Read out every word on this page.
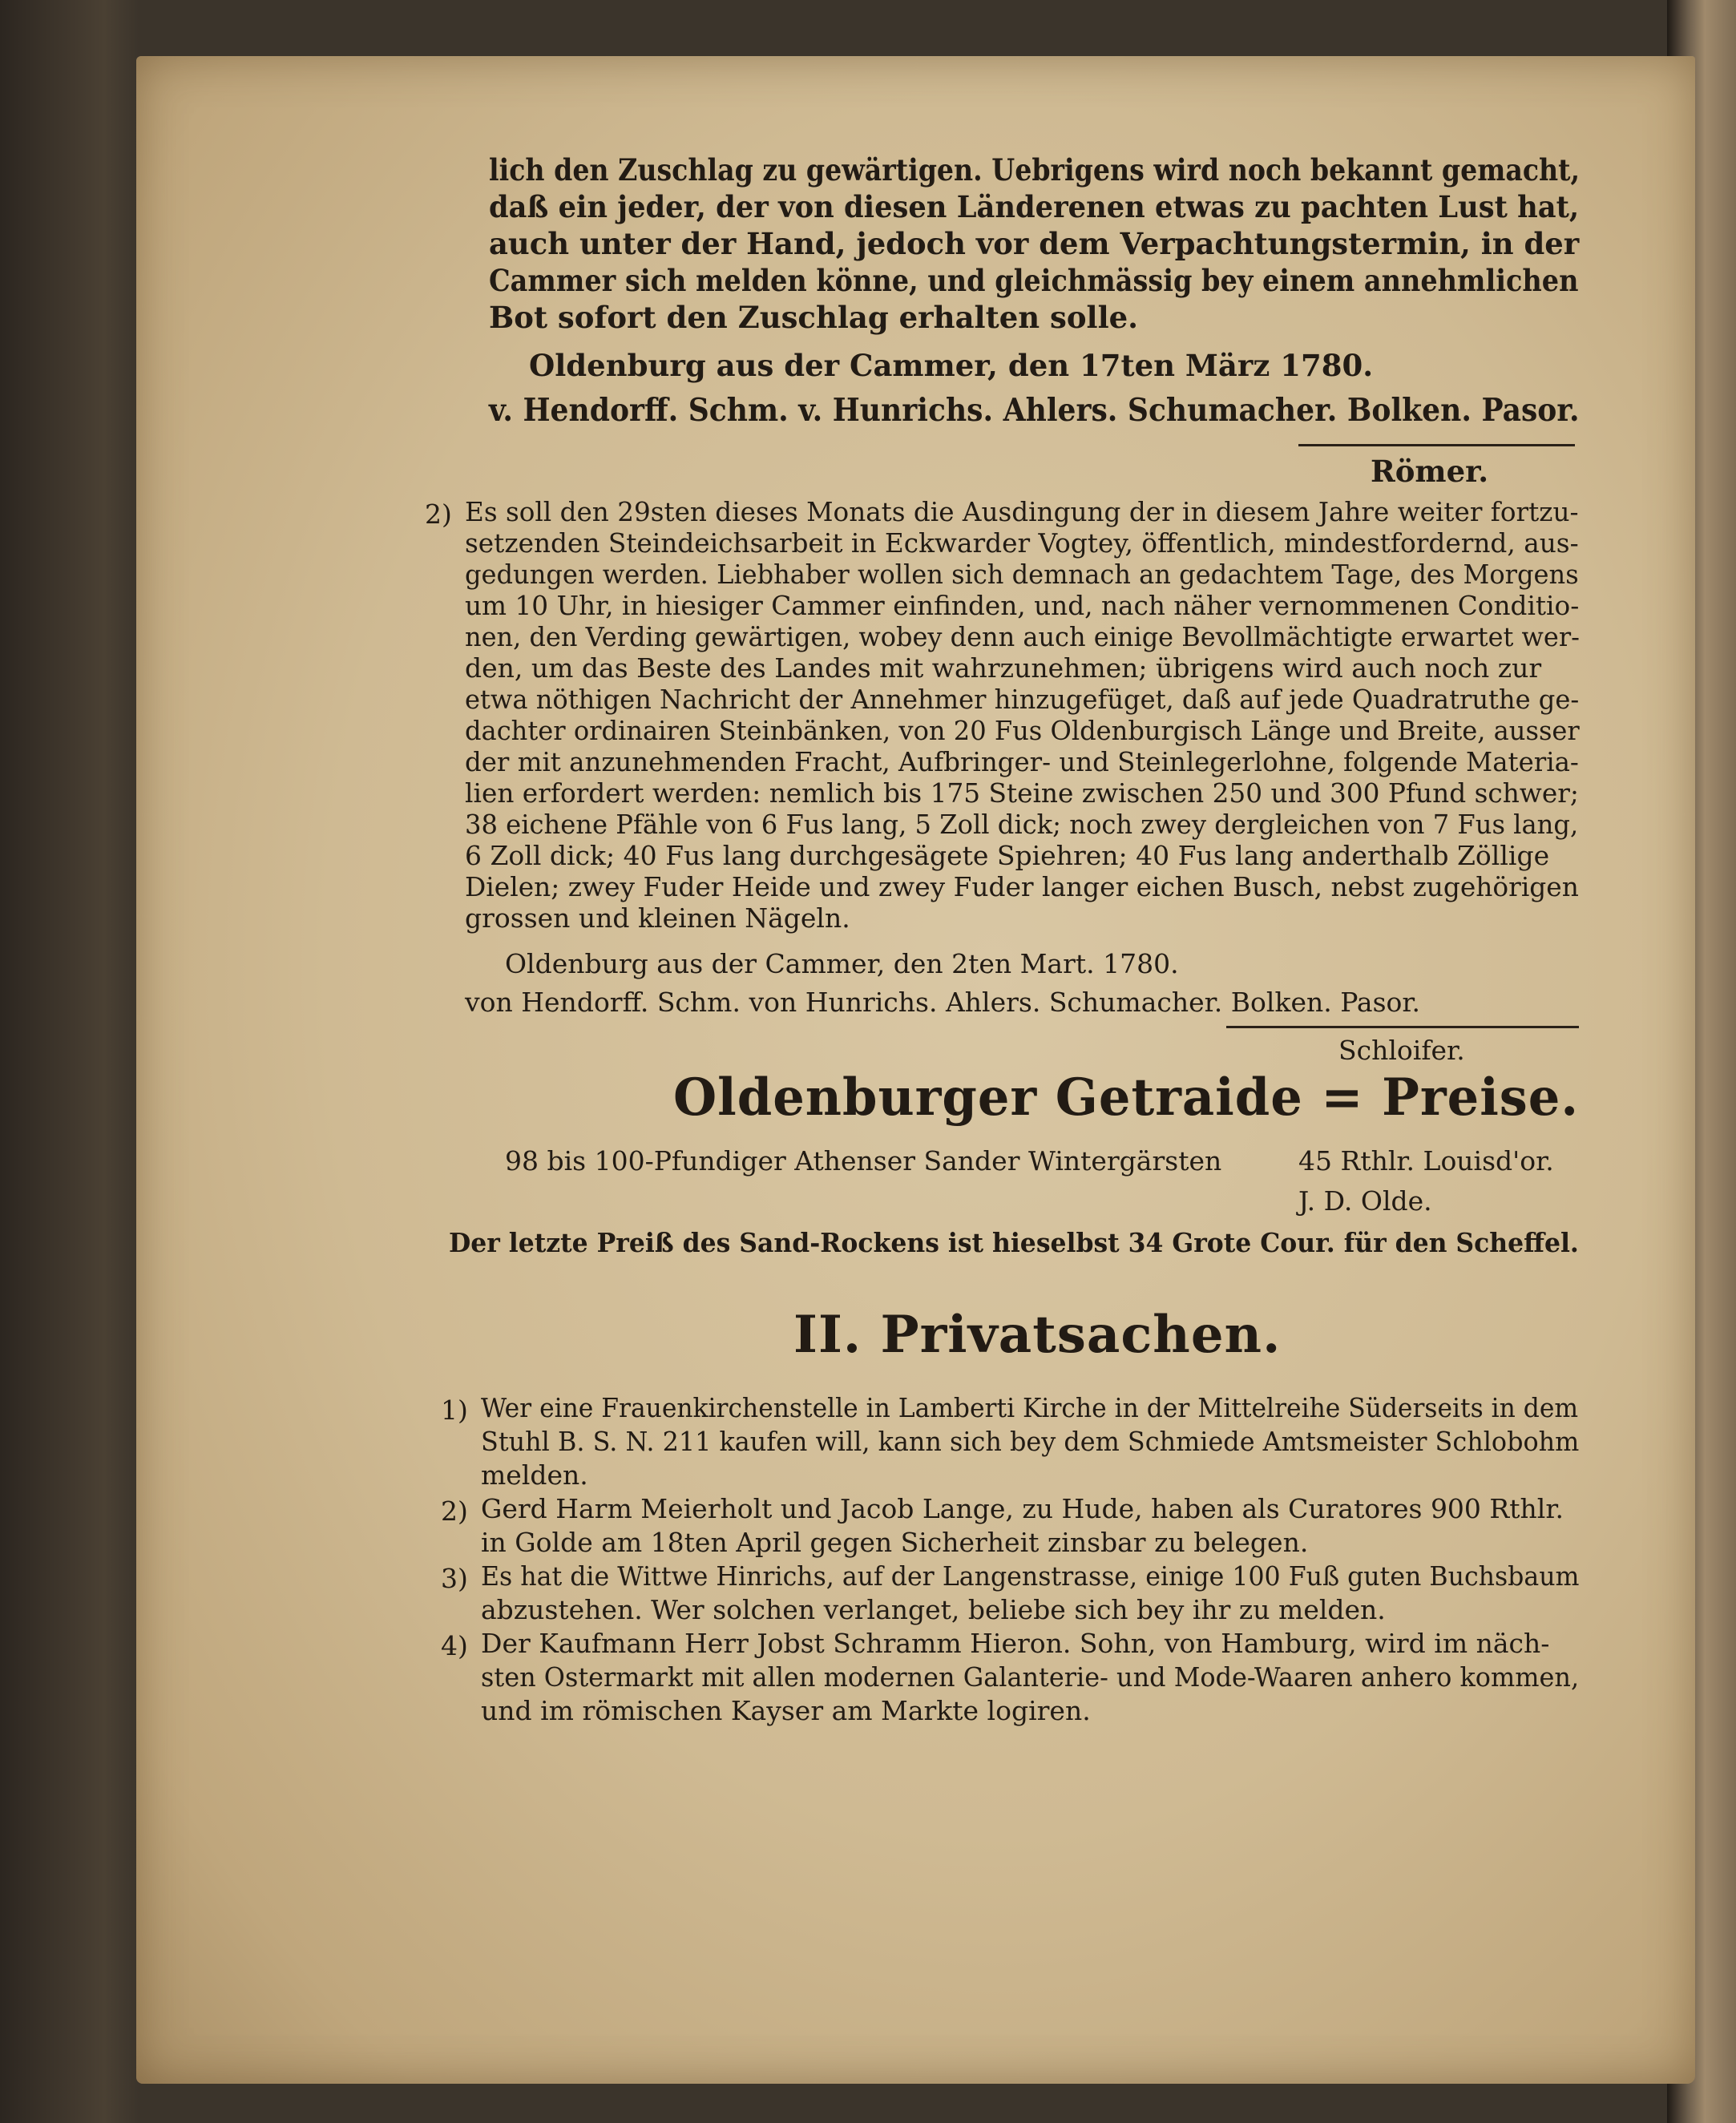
lich den Zuschlag zu gewärtigen. Uebrigens wird noch bekannt gemacht,
daß ein jeder, der von diesen Länderenen etwas zu pachten Lust hat,
auch unter der Hand, jedoch vor dem Verpachtungstermin, in der
Cammer sich melden könne, und gleichmässig bey einem annehmlichen
Bot sofort den Zuschlag erhalten solle.
Oldenburg aus der Cammer, den 17ten März 1780.
v. Hendorff. Schm. v. Hunrichs. Ahlers. Schumacher. Bolken. Pasor.
Römer.
2) Es soll den 29sten dieses Monats die Ausdingung der in diesem Jahre weiter fortzu-
setzenden Steindeichsarbeit in Eckwarder Vogtey, öffentlich, mindestfordernd, aus-
gedungen werden. Liebhaber wollen sich demnach an gedachtem Tage, des Morgens
um 10 Uhr, in hiesiger Cammer einfinden, und, nach näher vernommenen Conditio-
nen, den Verding gewärtigen, wobey denn auch einige Bevollmächtigte erwartet wer-
den, um das Beste des Landes mit wahrzunehmen; übrigens wird auch noch zur
etwa nöthigen Nachricht der Annehmer hinzugefüget, daß auf jede Quadratruthe ge-
dachter ordinairen Steinbänken, von 20 Fus Oldenburgisch Länge und Breite, ausser
der mit anzunehmenden Fracht, Aufbringer- und Steinlegerlohne, folgende Materia-
lien erfordert werden: nemlich bis 175 Steine zwischen 250 und 300 Pfund schwer;
38 eichene Pfähle von 6 Fus lang, 5 Zoll dick; noch zwey dergleichen von 7 Fus lang,
6 Zoll dick; 40 Fus lang durchgesägete Spiehren; 40 Fus lang anderthalb Zöllige
Dielen; zwey Fuder Heide und zwey Fuder langer eichen Busch, nebst zugehörigen
grossen und kleinen Nägeln.
Oldenburg aus der Cammer, den 2ten Mart. 1780.
von Hendorff. Schm. von Hunrichs. Ahlers. Schumacher. Bolken. Pasor.
Schloifer.
Oldenburger Getraide = Preise.
98 bis 100-Pfundiger Athenser Sander Wintergärsten	45 Rthlr. Louisd'or.
J. D. Olde.
Der letzte Preiß des Sand-Rockens ist hieselbst 34 Grote Cour. für den Scheffel.
II. Privatsachen.
1) Wer eine Frauenkirchenstelle in Lamberti Kirche in der Mittelreihe Süderseits in dem
Stuhl B. S. N. 211 kaufen will, kann sich bey dem Schmiede Amtsmeister Schlobohm
melden.
2) Gerd Harm Meierholt und Jacob Lange, zu Hude, haben als Curatores 900 Rthlr.
in Golde am 18ten April gegen Sicherheit zinsbar zu belegen.
3) Es hat die Wittwe Hinrichs, auf der Langenstrasse, einige 100 Fuß guten Buchsbaum
abzustehen. Wer solchen verlanget, beliebe sich bey ihr zu melden.
4) Der Kaufmann Herr Jobst Schramm Hieron. Sohn, von Hamburg, wird im näch-
sten Ostermarkt mit allen modernen Galanterie- und Mode-Waaren anhero kommen,
und im römischen Kayser am Markte logiren.
